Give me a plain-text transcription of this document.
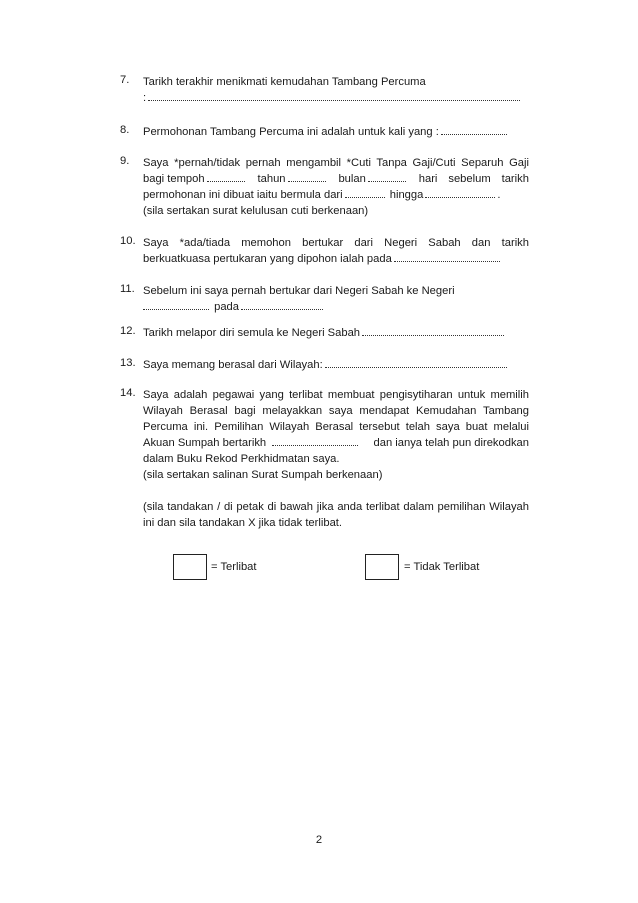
7. Tarikh terakhir menikmati kemudahan Tambang Percuma
:
8. Permohonan Tambang Percuma ini adalah untuk kali yang :
9. Saya *pernah/tidak pernah mengambil *Cuti Tanpa Gaji/Cuti Separuh Gaji
bagi tempoh	tahun	bulan	hari sebelum tarikh
permohonan ini dibuat iaitu bermula dari	hingga	.
(sila sertakan surat kelulusan cuti berkenaan)
10. Saya *ada/tiada memohon bertukar dari Negeri Sabah dan tarikh
berkuatkuasa pertukaran yang dipohon ialah pada
11. Sebelum ini saya pernah bertukar dari Negeri Sabah ke Negeri
pada
12. Tarikh melapor diri semula ke Negeri Sabah
13. Saya memang berasal dari Wilayah:
14. Saya adalah pegawai yang terlibat membuat pengisytiharan untuk memilih
Wilayah Berasal bagi melayakkan saya mendapat Kemudahan Tambang
Percuma ini. Pemilihan Wilayah Berasal tersebut telah saya buat melalui
Akuan Sumpah bertarikh	dan ianya telah pun direkodkan
dalam Buku Rekod Perkhidmatan saya.
(sila sertakan salinan Surat Sumpah berkenaan)
(sila tandakan / di petak di bawah jika anda terlibat dalam pemilihan Wilayah
ini dan sila tandakan X jika tidak terlibat.
= Terlibat	= Tidak Terlibat
2
